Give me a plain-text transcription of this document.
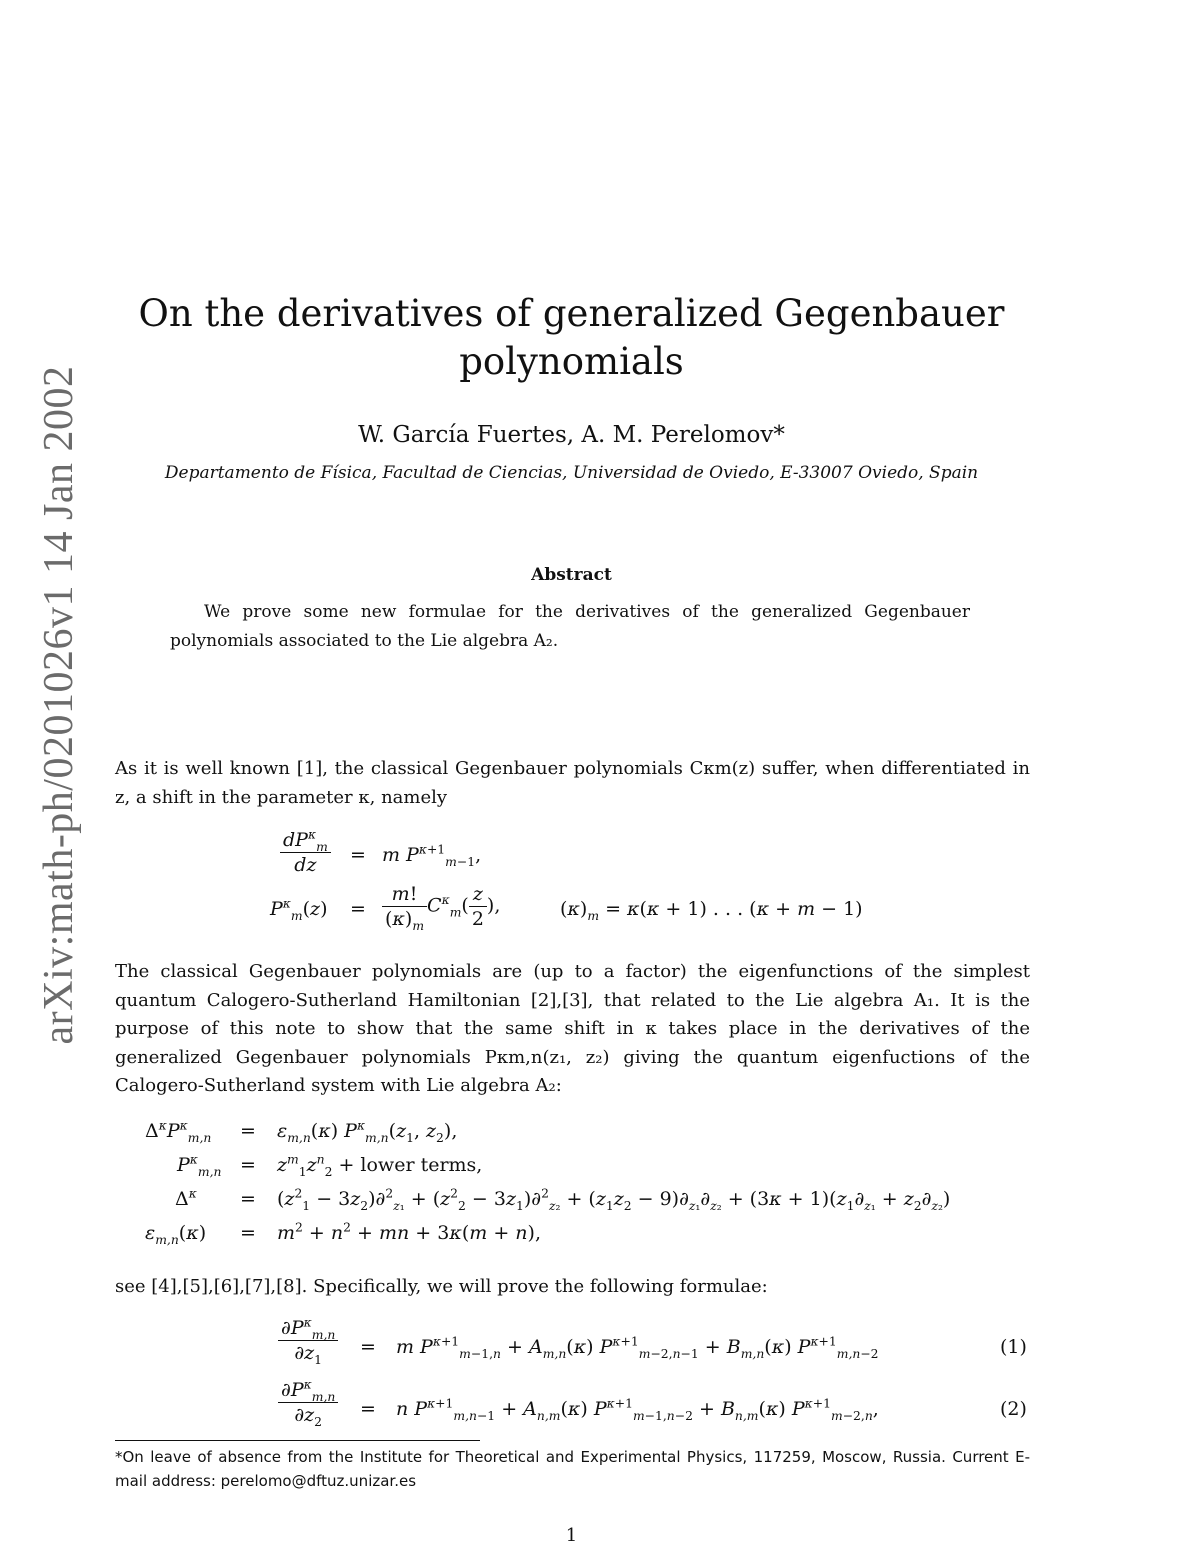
arXiv:math-ph/0201026v1 14 Jan 2002
On the derivatives of generalized Gegenbauer
polynomials
W. García Fuertes, A. M. Perelomov*
Departamento de Física, Facultad de Ciencias, Universidad de Oviedo, E-33007 Oviedo, Spain
Abstract
We prove some new formulae for the derivatives of the generalized Gegenbauer polynomials associated to the Lie algebra A₂.
As it is well known [1], the classical Gegenbauer polynomials Cκm(z) suffer, when differentiated in z, a shift in the parameter κ, namely
$\frac{dP^\kappa_m}{dz} = m$ $P^{\kappa+1}_{m-1}$,
$P^\kappa_m(z) = \frac{m!}{(\kappa)_m} C^\kappa_m( \frac{z}{2}$ ),	$(\kappa)_m = \kappa(\kappa + 1)$ . . . (κ + m − 1)
The classical Gegenbauer polynomials are (up to a factor) the eigenfunctions of the simplest quantum Calogero-Sutherland Hamiltonian [2],[3], that related to the Lie algebra A₁. It is the purpose of this note to show that the same shift in κ takes place in the derivatives of the generalized Gegenbauer polynomials Pκm,n(z₁, z₂) giving the quantum eigenfuctions of the Calogero-Sutherland system with Lie algebra A₂:
$\Delta^\kappa P^\kappa_{m,n} = \varepsilon_{m,n}(\kappa)$ $P^\kappa_{m,n}(z_1$, $z_2$),
$P^\kappa_{m,n} = z^m_1z^n_2$ + lower terms,
$\Delta^\kappa = (z^2_1 - 3z_2)\partial^2_{z_1} + (z^2_2 - 3z_1)\partial^2_{z_2} + (z_1z_2 - 9)\partial_{z_1}\partial_{z_2} + (3\kappa + 1)(z_1\partial_{z_1} + z_2\partial_{z_2})$
$\varepsilon_{m,n}(\kappa) = m^2 + n^2$ + mn + 3κ(m + n),
see [4],[5],[6],[7],[8]. Specifically, we will prove the following formulae:
$\frac{\partial P^\kappa_{m,n}}{\partial z_1} = m$ $P^{\kappa+1}_{m-1,n} + A_{m,n}(\kappa) P^{\kappa+1}_{m-2,n-1} + B_{m,n}(\kappa)$ $P^{\kappa+1}_{m,n-2}$
$\frac{\partial P^\kappa_{m,n}}{\partial z_2} = n$ $P^{\kappa+1}_{m,n-1} + A_{n,m}(\kappa) P^{\kappa+1}_{m-1,n-2} + B_{n,m}(\kappa)$ $P^{\kappa+1}_{m-2,n}$,
(1)
(2)
*On leave of absence from the Institute for Theoretical and Experimental Physics, 117259, Moscow, Russia. Current E-mail address: perelomo@dftuz.unizar.es
1
